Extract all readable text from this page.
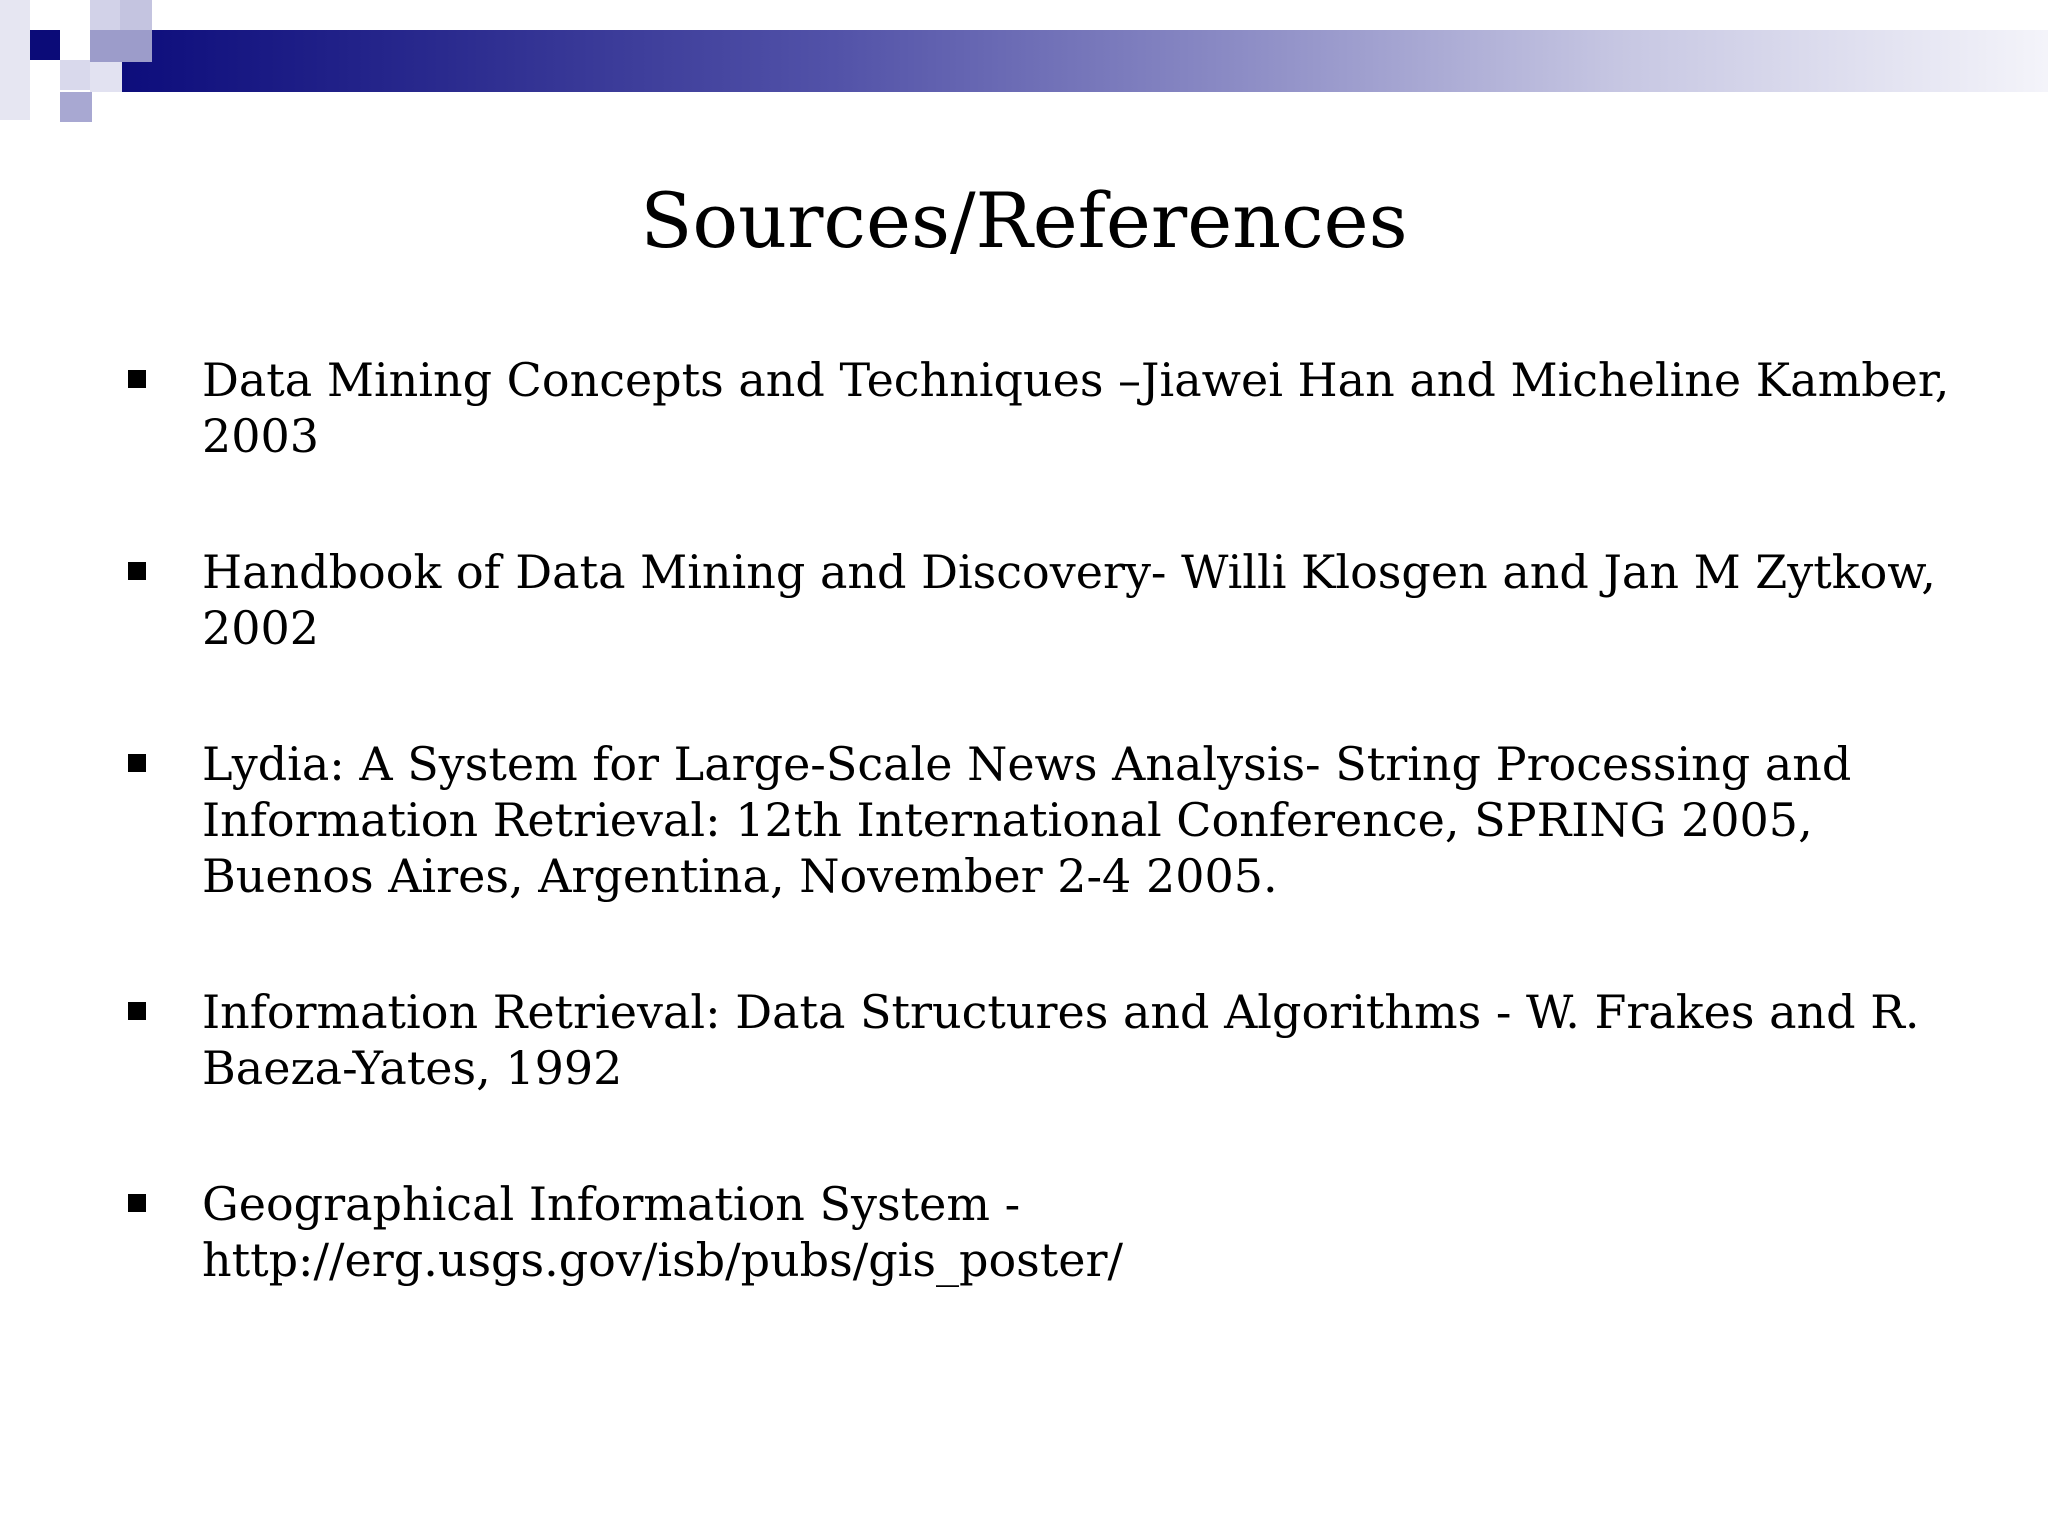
Sources/References
Data Mining Concepts and Techniques –Jiawei Han and Micheline Kamber,
2003
Handbook of Data Mining and Discovery- Willi Klosgen and Jan M Zytkow,
2002
Lydia: A System for Large-Scale News Analysis- String Processing and
Information Retrieval: 12th International Conference, SPRING 2005,
Buenos Aires, Argentina, November 2-4 2005.
Information Retrieval: Data Structures and Algorithms - W. Frakes and R.
Baeza-Yates, 1992
Geographical Information System -
http://erg.usgs.gov/isb/pubs/gis_poster/
